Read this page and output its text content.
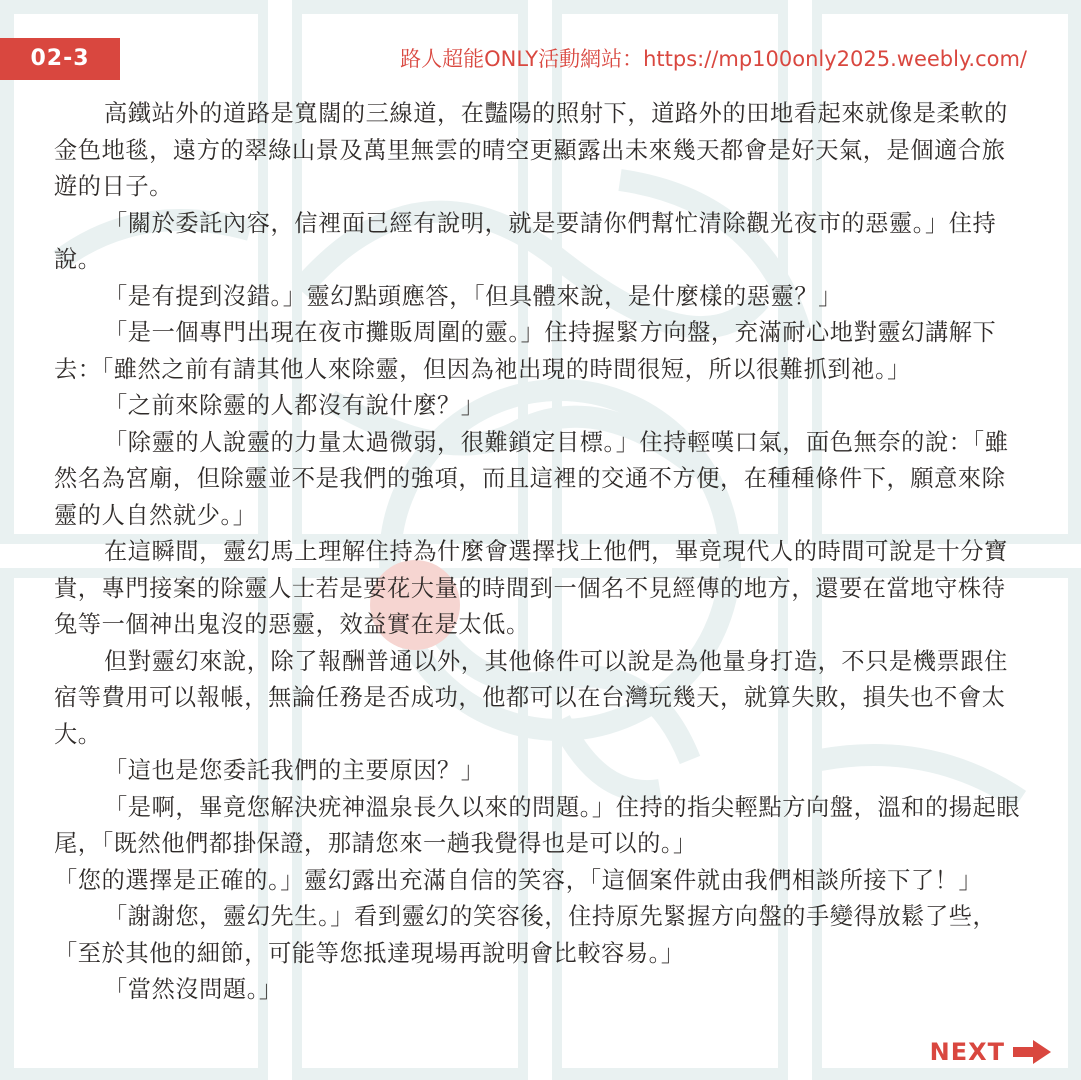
02-3	路人超能ONLY活動網站：https://mp100only2025.weebly.com/

高鐵站外的道路是寬闊的三線道，在豔陽的照射下，道路外的田地看起來就像是柔軟的金色地毯，遠方的翠綠山景及萬里無雲的晴空更顯露出未來幾天都會是好天氣，是個適合旅遊的日子。

「關於委託內容，信裡面已經有說明，就是要請你們幫忙清除觀光夜市的惡靈。」住持說。

「是有提到沒錯。」靈幻點頭應答，「但具體來說，是什麼樣的惡靈？」

「是一個專門出現在夜市攤販周圍的靈。」住持握緊方向盤，充滿耐心地對靈幻講解下去：「雖然之前有請其他人來除靈，但因為祂出現的時間很短，所以很難抓到祂。」

「之前來除靈的人都沒有說什麼？」

「除靈的人說靈的力量太過微弱，很難鎖定目標。」住持輕嘆口氣，面色無奈的說：「雖然名為宮廟，但除靈並不是我們的強項，而且這裡的交通不方便，在種種條件下，願意來除靈的人自然就少。」

在這瞬間，靈幻馬上理解住持為什麼會選擇找上他們，畢竟現代人的時間可說是十分寶貴，專門接案的除靈人士若是要花大量的時間到一個名不見經傳的地方，還要在當地守株待兔等一個神出鬼沒的惡靈，效益實在是太低。

但對靈幻來說，除了報酬普通以外，其他條件可以說是為他量身打造，不只是機票跟住宿等費用可以報帳，無論任務是否成功，他都可以在台灣玩幾天，就算失敗，損失也不會太大。

「這也是您委託我們的主要原因？」

「是啊，畢竟您解決疣神溫泉長久以來的問題。」住持的指尖輕點方向盤，溫和的揚起眼尾，「既然他們都掛保證，那請您來一趟我覺得也是可以的。」

「您的選擇是正確的。」靈幻露出充滿自信的笑容，「這個案件就由我們相談所接下了！」

「謝謝您，靈幻先生。」看到靈幻的笑容後，住持原先緊握方向盤的手變得放鬆了些，「至於其他的細節，可能等您抵達現場再說明會比較容易。」

「當然沒問題。」

NEXT
